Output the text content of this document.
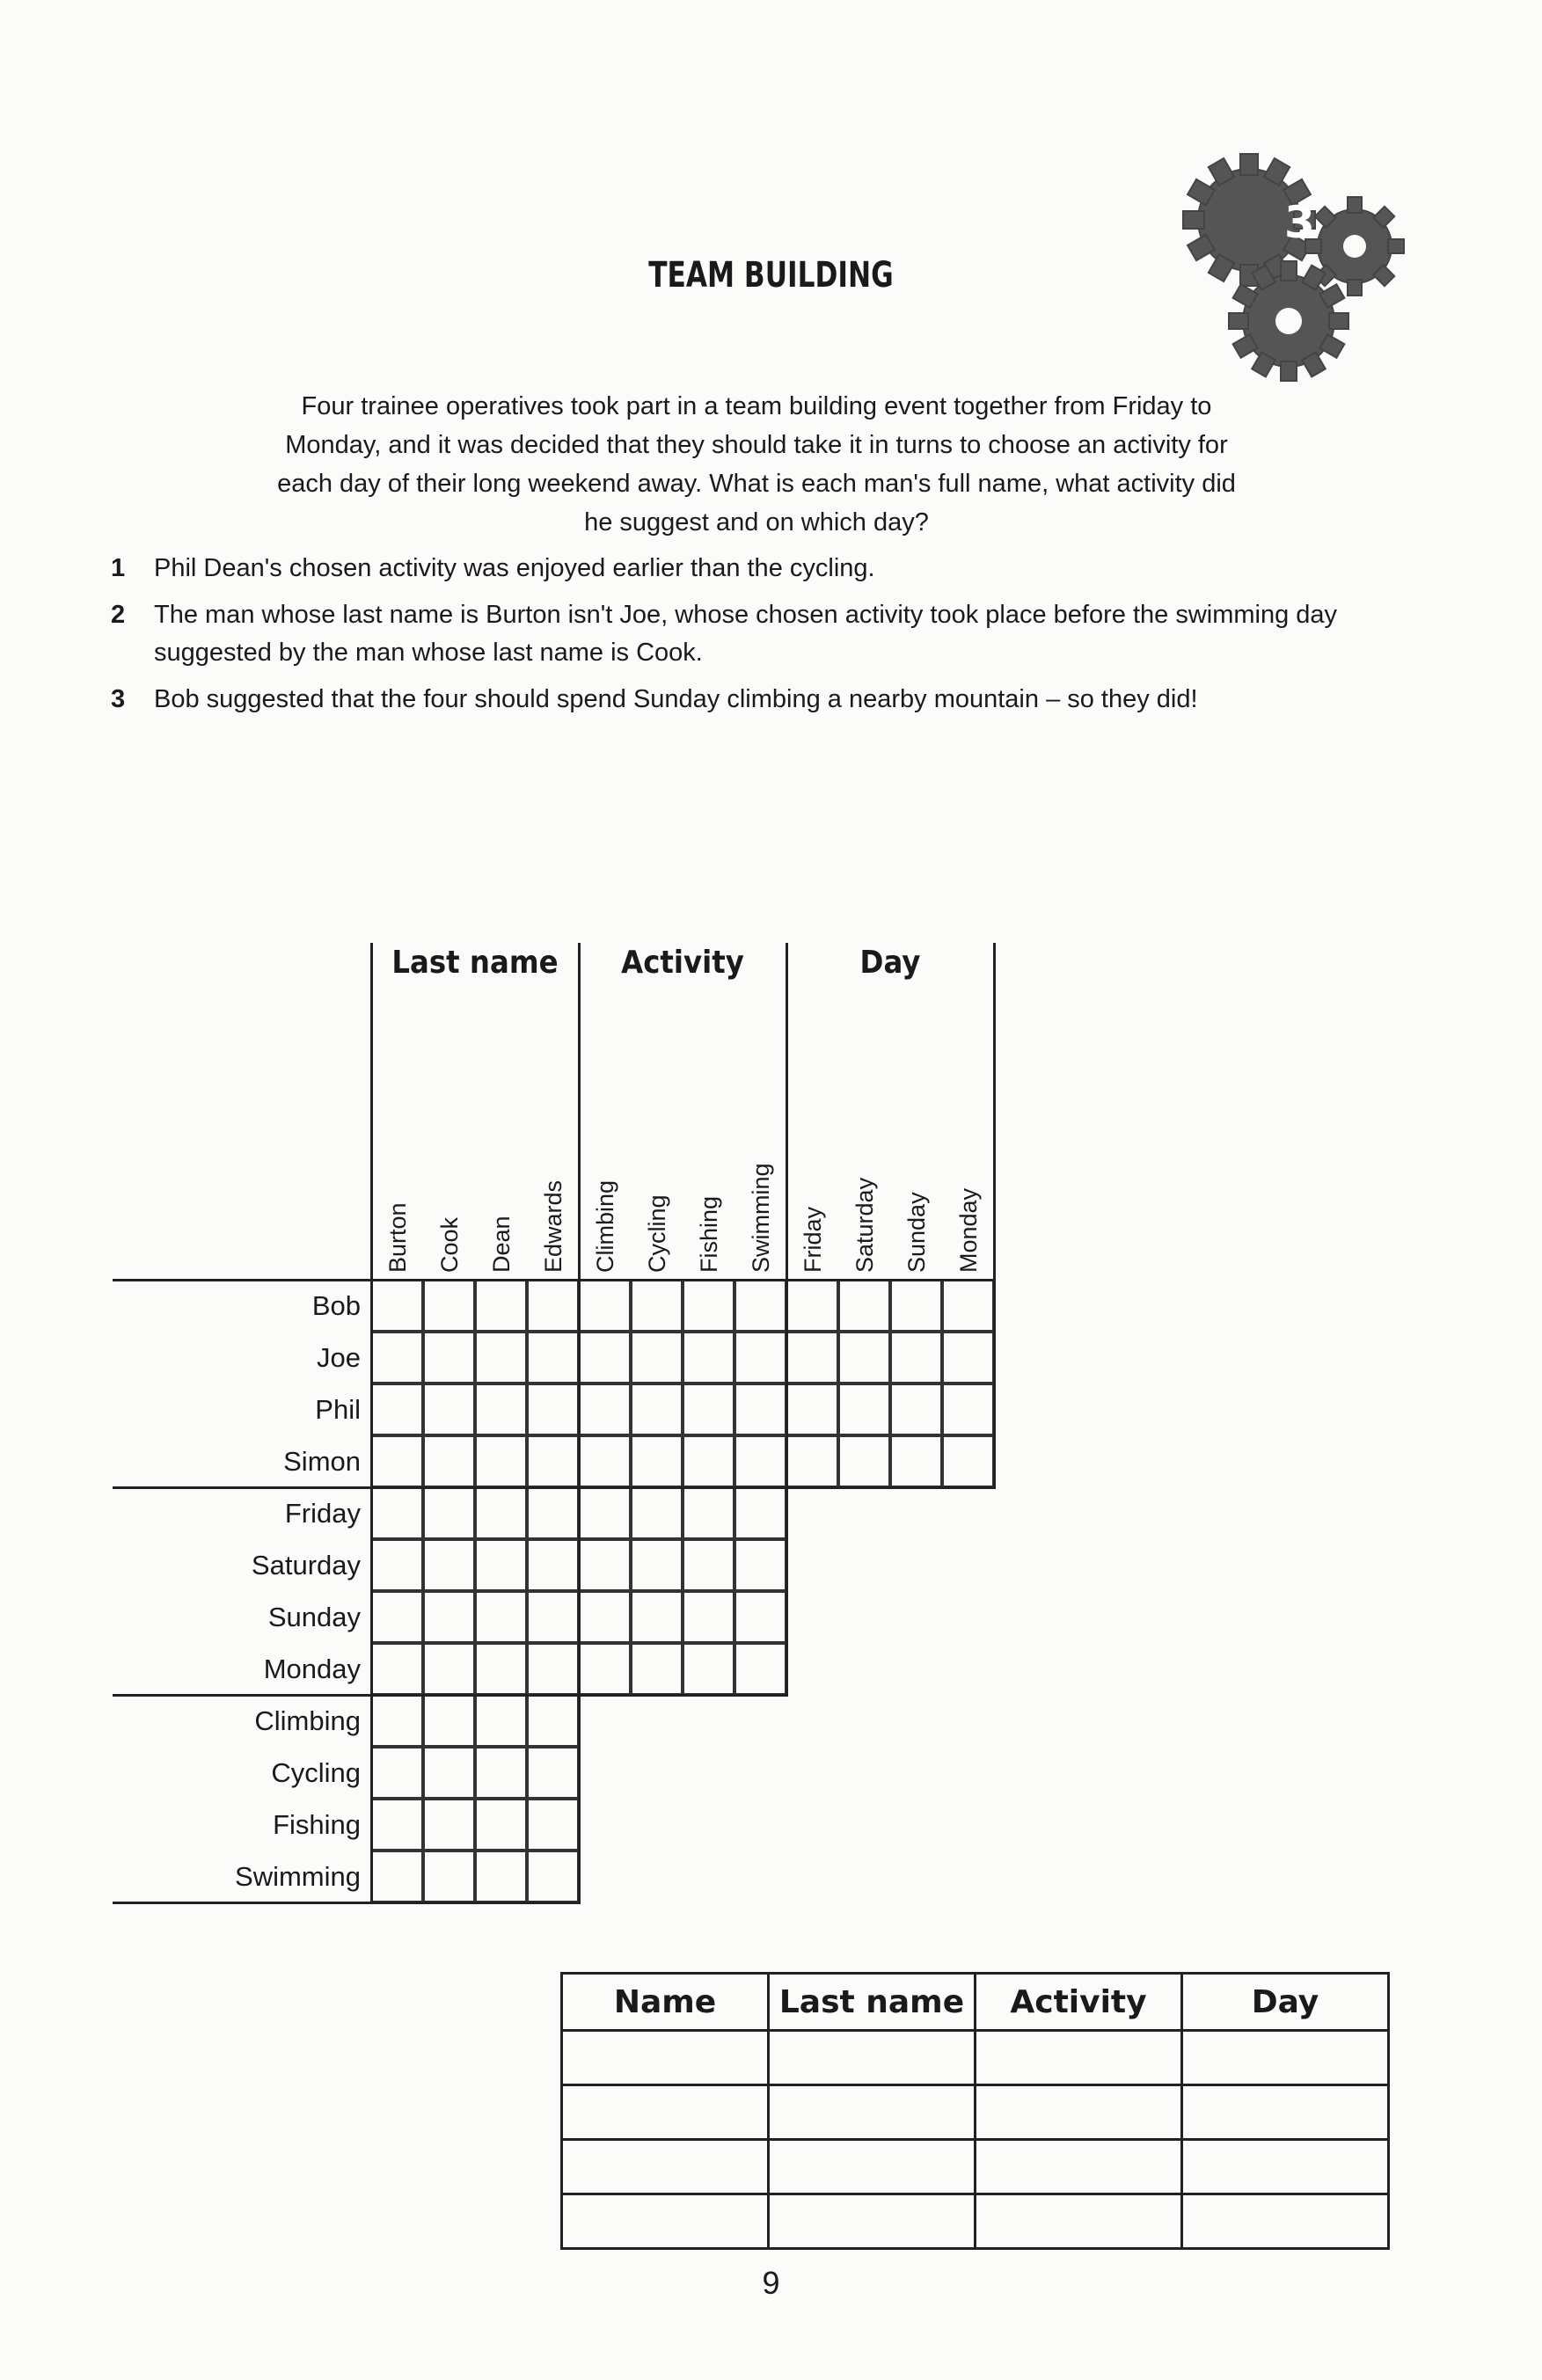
3
TEAM BUILDING
Four trainee operatives took part in a team building event together from Friday to Monday, and it was decided that they should take it in turns to choose an activity for each day of their long weekend away. What is each man's full name, what activity did he suggest and on which day?
1 Phil Dean's chosen activity was enjoyed earlier than the cycling.
2 The man whose last name is Burton isn't Joe, whose chosen activity took place before the swimming day suggested by the man whose last name is Cook.
3 Bob suggested that the four should spend Sunday climbing a nearby mountain – so they did!
Last name
Burton Cook Dean Edwards
Activity
Climbing Cycling Fishing Swimming
Day
Friday Saturday Sunday Monday
Bob
Joe
Phil
Simon
Friday
Saturday
Sunday
Monday
Climbing
Cycling
Fishing
Swimming
Name	Last name	Activity	Day

9
